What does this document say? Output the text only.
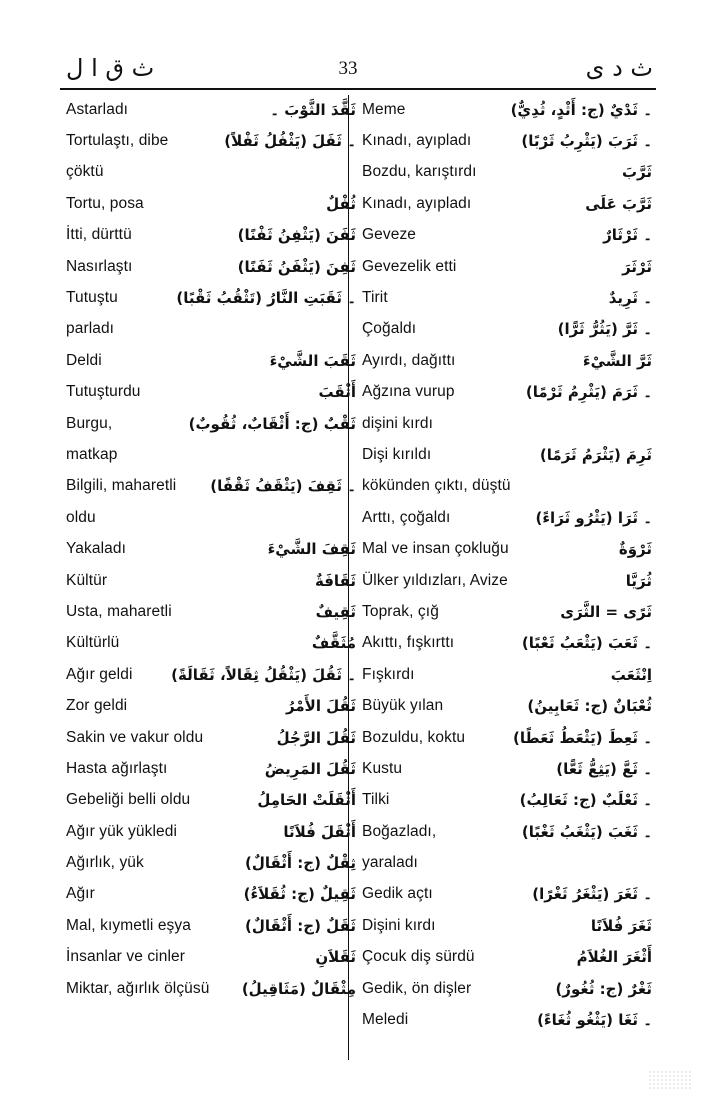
ث ق ا ل	33	ث د ى
Astarladı	ثَقَّدَ الثَّوْبَ ۔
Tortulaştı, dibe	۔ ثَفَلَ (يَثْفُلُ ثَفْلاً)
çöktü
Tortu, posa	ثُفْلٌ
İtti, dürttü	ثَفَنَ (يَثْفِنُ ثَفْنًا)
Nasırlaştı	ثَفِنَ (يَثْفَنُ ثَفَنًا)
Tutuştu	۔ ثَقَبَتِ النَّارُ (تَثْقُبُ ثَقْبًا)
parladı
Deldi	ثَقَبَ الشَّيْءَ
Tutuşturdu	أَثْقَبَ
Burgu,	ثَقْبٌ (ج: أَثْقَابٌ، ثُقُوبٌ)
matkap
Bilgili, maharetli ۔ ثَقِفَ (يَثْقَفُ ثَقْفًا)
oldu
Yakaladı	ثَقِفَ الشَّيْءَ
Kültür	ثَقَافَةٌ
Usta, maharetli	ثَقِيفٌ
Kültürlü	مُثَقَّفٌ
Ağır geldi	۔ ثَقُلَ (يَثْقُلُ ثِقَالاً، ثَقَالَةً)
Zor geldi	ثَقُلَ الأَمْرُ
Sakin ve vakur oldu	ثَقُلَ الرَّجُلُ
Hasta ağırlaştı	ثَقُلَ المَرِيضُ
Gebeliği belli oldu	أَثْقَلَتْ الحَامِلُ
Ağır yük yükledi	أَثْقَلَ فُلاَنًا
Ağırlık, yük	ثِقْلٌ (ج: أَثْقَالٌ)
Ağır	ثَقِيلٌ (ج: ثُقَلاَءُ)
Mal, kıymetli eşya	ثَقَلٌ (ج: أَثْقَالٌ)
İnsanlar ve cinler	ثَقَلاَنِ
Miktar, ağırlık ölçüsü مِثْقَالٌ (مَثَاقِيلُ)
Meme	۔ ثَدْيٌ (ج: أَثْدٍ، ثُدِيٌّ)
Kınadı, ayıpladı	۔ ثَرَبَ (يَثْرِبُ ثَرْبًا)
Bozdu, karıştırdı	ثَرَّبَ
Kınadı, ayıpladı	ثَرَّبَ عَلَى
Geveze	۔ ثَرْثَارٌ
Gevezelik etti	ثَرْثَرَ
Tirit	۔ ثَرِيدٌ
Çoğaldı	۔ ثَرَّ (يَثُرُّ ثَرًّا)
Ayırdı, dağıttı	ثَرَّ الشَّيْءَ
Ağzına vurup	۔ ثَرَمَ (يَثْرِمُ ثَرْمًا)
dişini kırdı
Dişi kırıldı	ثَرِمَ (يَثْرَمُ ثَرَمًا)
kökünden çıktı, düştü
Arttı, çoğaldı	۔ ثَرَا (يَثْرُو ثَرَاءً)
Mal ve insan çokluğu	ثَرْوَةٌ
Ülker yıldızları, Avize	ثُرَيَّا
Toprak, çığ	ثَرًى = الثَّرَى
Akıttı, fışkırttı	۔ ثَعَبَ (يَثْعَبُ ثَعْبًا)
Fışkırdı	اِنْثَعَبَ
Büyük yılan	ثُعْبَانٌ (ج: ثَعَابِينُ)
Bozuldu, koktu	۔ ثَعِطَ (يَثْعَطُ ثَعَطًا)
Kustu	۔ ثَعَّ (يَثِعُّ ثَعًّا)
Tilki	۔ ثَعْلَبٌ (ج: ثَعَالِبُ)
Boğazladı,	۔ ثَغَبَ (يَثْغَبُ ثَغْبًا)
yaraladı
Gedik açtı	۔ ثَغَرَ (يَثْغَرُ ثَغْرًا)
Dişini kırdı	ثَغَرَ فُلاَنًا
Çocuk diş sürdü	أَثْغَرَ الغُلاَمُ
Gedik, ön dişler	ثَغْرٌ (ج: ثُغُورٌ)
Meledi	۔ ثَغَا (يَثْغُو ثُغَاءً)
